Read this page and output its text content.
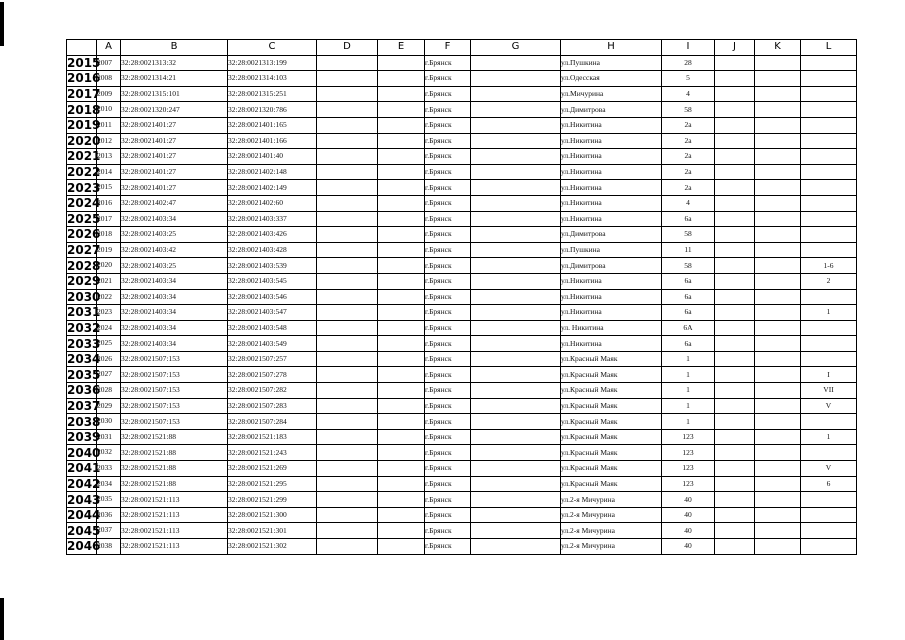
	A	B	C	D	E	F	G	H	I	J	K	L
2015	2007	32:28:0021313:32	32:28:0021313:199			г.Брянск		ул.Пушкина	28			
2016	2008	32:28:0021314:21	32:28:0021314:103			г.Брянск		ул.Одесская	5			
2017	2009	32:28:0021315:101	32:28:0021315:251			г.Брянск		ул.Мичурина	4			
2018	2010	32:28:0021320:247	32:28:0021320:786			г.Брянск		ул.Димитрова	58			
2019	2011	32:28:0021401:27	32:28:0021401:165			г.Брянск		ул.Никитина	2а			
2020	2012	32:28:0021401:27	32:28:0021401:166			г.Брянск		ул.Никитина	2а			
2021	2013	32:28:0021401:27	32:28:0021401:40			г.Брянск		ул.Никитина	2а			
2022	2014	32:28:0021401:27	32:28:0021402:148			г.Брянск		ул.Никитина	2а			
2023	2015	32:28:0021401:27	32:28:0021402:149			г.Брянск		ул.Никитина	2а			
2024	2016	32:28:0021402:47	32:28:0021402:60			г.Брянск		ул.Никитина	4			
2025	2017	32:28:0021403:34	32:28:0021403:337			г.Брянск		ул.Никитина	6а			
2026	2018	32:28:0021403:25	32:28:0021403:426			г.Брянск		ул.Димитрова	58			
2027	2019	32:28:0021403:42	32:28:0021403:428			г.Брянск		ул.Пушкина	11			
2028	2020	32:28:0021403:25	32:28:0021403:539			г.Брянск		ул.Димитрова	58			1-6
2029	2021	32:28:0021403:34	32:28:0021403:545			г.Брянск		ул.Никитина	6а			2
2030	2022	32:28:0021403:34	32:28:0021403:546			г.Брянск		ул.Никитина	6а			
2031	2023	32:28:0021403:34	32:28:0021403:547			г.Брянск		ул.Никитина	6а			1
2032	2024	32:28:0021403:34	32:28:0021403:548			г.Брянск		ул. Никитина	6А			
2033	2025	32:28:0021403:34	32:28:0021403:549			г.Брянск		ул.Никитина	6а			
2034	2026	32:28:0021507:153	32:28:0021507:257			г.Брянск		ул.Красный Маяк	1			
2035	2027	32:28:0021507:153	32:28:0021507:278			г.Брянск		ул.Красный Маяк	1			I
2036	2028	32:28:0021507:153	32:28:0021507:282			г.Брянск		ул.Красный Маяк	1			VII
2037	2029	32:28:0021507:153	32:28:0021507:283			г.Брянск		ул.Красный Маяк	1			V
2038	2030	32:28:0021507:153	32:28:0021507:284			г.Брянск		ул.Красный Маяк	1			
2039	2031	32:28:0021521:88	32:28:0021521:183			г.Брянск		ул.Красный Маяк	123			1
2040	2032	32:28:0021521:88	32:28:0021521:243			г.Брянск		ул.Красный Маяк	123			
2041	2033	32:28:0021521:88	32:28:0021521:269			г.Брянск		ул.Красный Маяк	123			V
2042	2034	32:28:0021521:88	32:28:0021521:295			г.Брянск		ул.Красный Маяк	123			6
2043	2035	32:28:0021521:113	32:28:0021521:299			г.Брянск		ул.2-я Мичурина	40			
2044	2036	32:28:0021521:113	32:28:0021521:300			г.Брянск		ул.2-я Мичурина	40			
2045	2037	32:28:0021521:113	32:28:0021521:301			г.Брянск		ул.2-я Мичурина	40			
2046	2038	32:28:0021521:113	32:28:0021521:302			г.Брянск		ул.2-я Мичурина	40			
